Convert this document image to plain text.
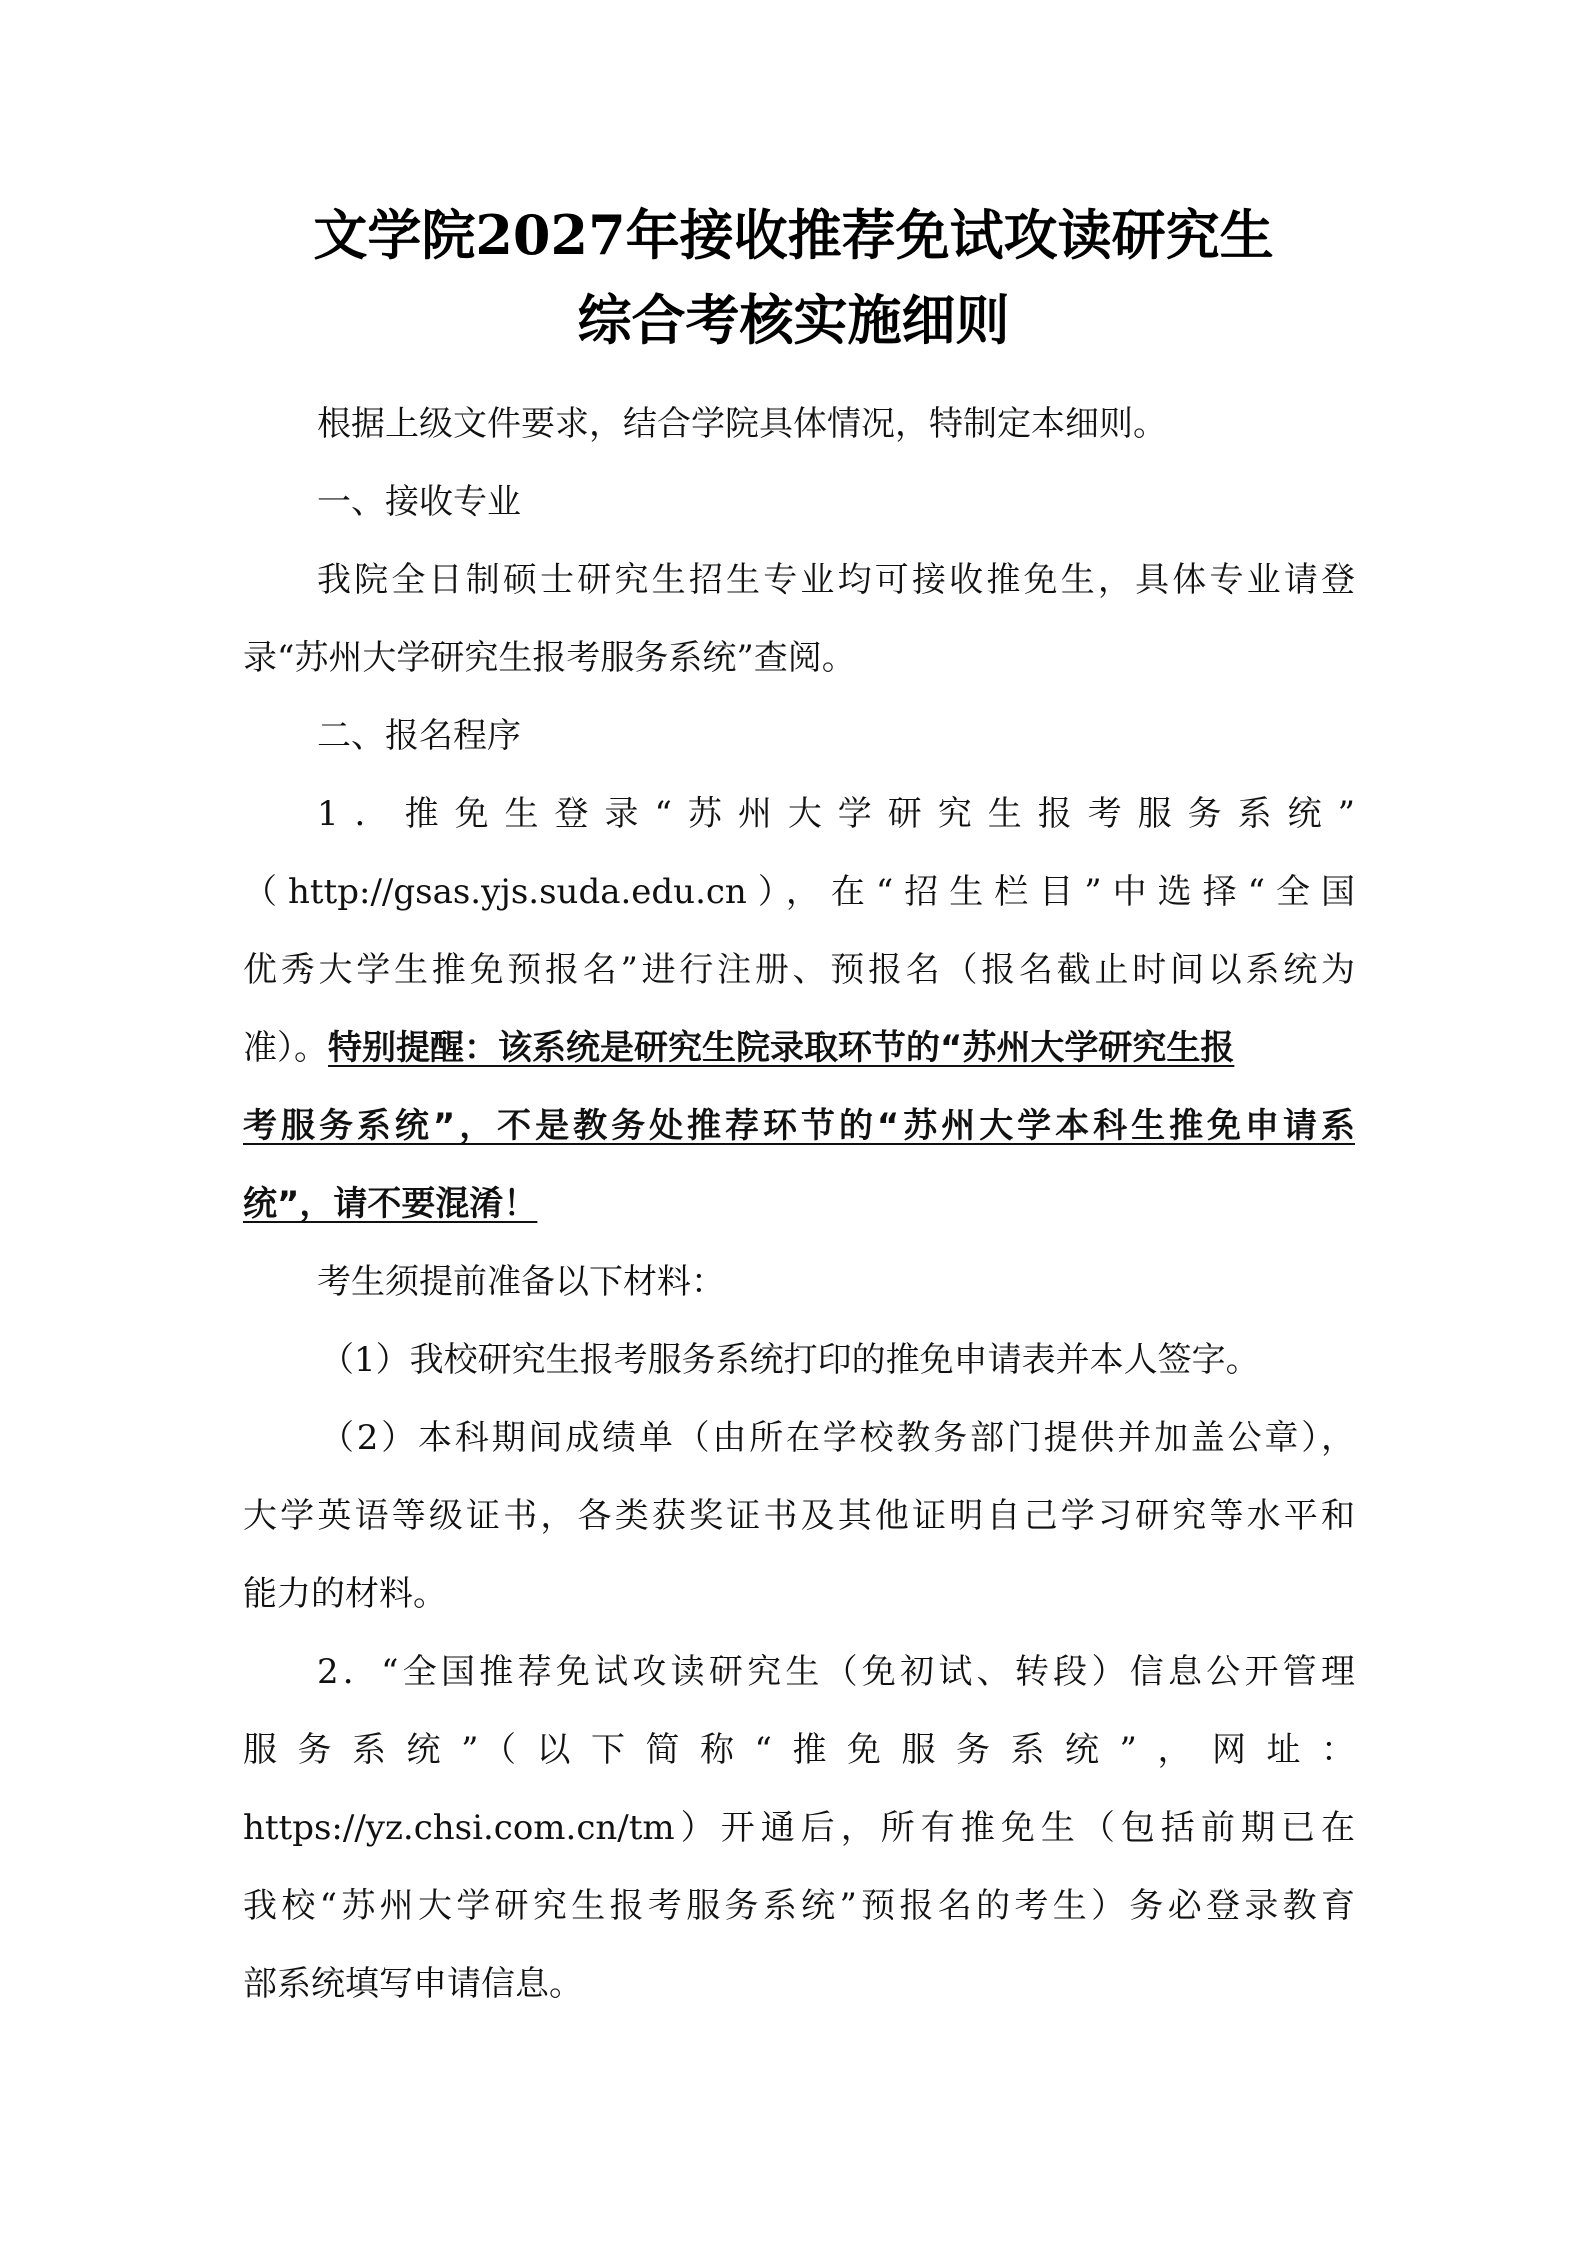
文学院2027年接收推荐免试攻读研究生
综合考核实施细则
根据上级文件要求，结合学院具体情况，特制定本细则。
一、接收专业
我院全日制硕士研究生招生专业均可接收推免生，具体专业请登
录“苏州大学研究生报考服务系统”查阅。
二、报名程序
1．推免生登录“苏州大学研究生报考服务系统”
（http://gsas.yjs.suda.edu.cn），在“招生栏目”中选择“全国
优秀大学生推免预报名”进行注册、预报名（报名截止时间以系统为
准）。特别提醒：该系统是研究生院录取环节的“苏州大学研究生报
考服务系统”，不是教务处推荐环节的“苏州大学本科生推免申请系
统”，请不要混淆！
考生须提前准备以下材料：
（1）我校研究生报考服务系统打印的推免申请表并本人签字。
（2）本科期间成绩单（由所在学校教务部门提供并加盖公章），
大学英语等级证书，各类获奖证书及其他证明自己学习研究等水平和
能力的材料。
2．“全国推荐免试攻读研究生（免初试、转段）信息公开管理
服务系统”（以下简称“推免服务系统”，网址：
https://yz.chsi.com.cn/tm）开通后，所有推免生（包括前期已在
我校“苏州大学研究生报考服务系统”预报名的考生）务必登录教育
部系统填写申请信息。
